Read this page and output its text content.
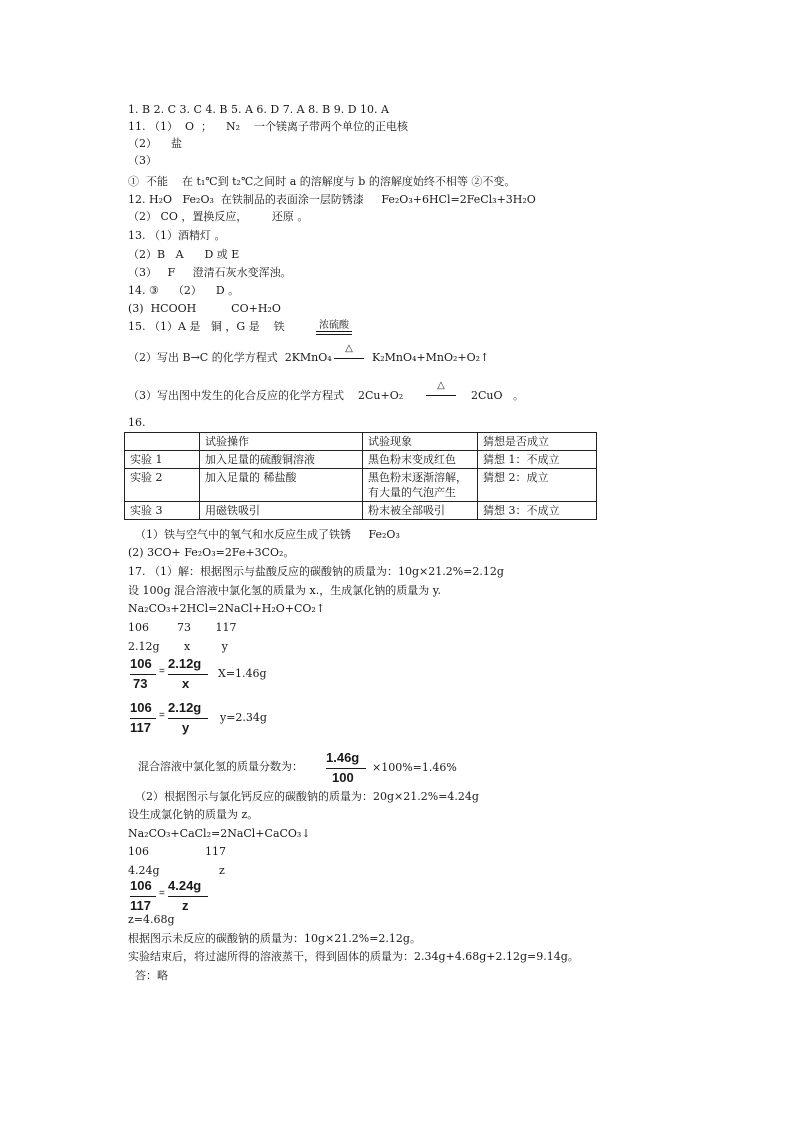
1. B 2. C 3. C 4. B 5. A 6. D 7. A 8. B 9. D 10. A
11. （1）  O  ；    N₂    一个镁离子带两个单位的正电核
（2）    盐
（3）
①  不能    在 t₁℃到 t₂℃之间时 a 的溶解度与 b 的溶解度始终不相等 ②不变。
12. H₂O   Fe₂O₃  在铁制品的表面涂一层防锈漆     Fe₂O₃+6HCl=2FeCl₃+3H₂O
（2） CO ，置换反应，       还原 。
13. （1）酒精灯 。
（2）B   A      D 或 E
（3）   F     澄清石灰水变浑浊。
14. ③    （2）    D 。
(3)  HCOOH          CO+H₂O
15. （1）A 是   铜 ，G 是    铁	浓硫酸
（2）写出 B→C 的化学方程式  2KMnO₄
△
K₂MnO₄+MnO₂+O₂↑
（3）写出图中发生的化合反应的化学方程式    2Cu+O₂
△
2CuO   。
16.
	试验操作	试验现象	猜想是否成立
实验 1	加入足量的硫酸铜溶液	黑色粉末变成红色	猜想 1：不成立
实验 2	加入足量的 稀盐酸	黑色粉末逐渐溶解，
有大量的气泡产生	猜想 2：成立
实验 3	用磁铁吸引	粉末被全部吸引	猜想 3：不成立
（1）铁与空气中的氧气和水反应生成了铁锈     Fe₂O₃
(2) 3CO+ Fe₂O₃=2Fe+3CO₂。
17. （1）解：根据图示与盐酸反应的碳酸钠的质量为：10g×21.2%=2.12g
设 100g 混合溶液中氯化氢的质量为 x.，生成氯化钠的质量为 y.
Na₂CO₃+2HCl=2NaCl+H₂O+CO₂↑
106        73       117
2.12g       x         y
106
73
=
2.12g
x
X=1.46g
106
117
=
2.12g
y
y=2.34g
混合溶液中氯化氢的质量分数为：
1.46g
100
×100%=1.46%
（2）根据图示与氯化钙反应的碳酸钠的质量为：20g×21.2%=4.24g
设生成氯化钠的质量为 z。
Na₂CO₃+CaCl₂=2NaCl+CaCO₃↓
106                117
4.24g                 z
106
117
=
4.24g
z
z=4.68g
根据图示未反应的碳酸钠的质量为：10g×21.2%=2.12g。
实验结束后，将过滤所得的溶液蒸干，得到固体的质量为：2.34g+4.68g+2.12g=9.14g。
答：略
